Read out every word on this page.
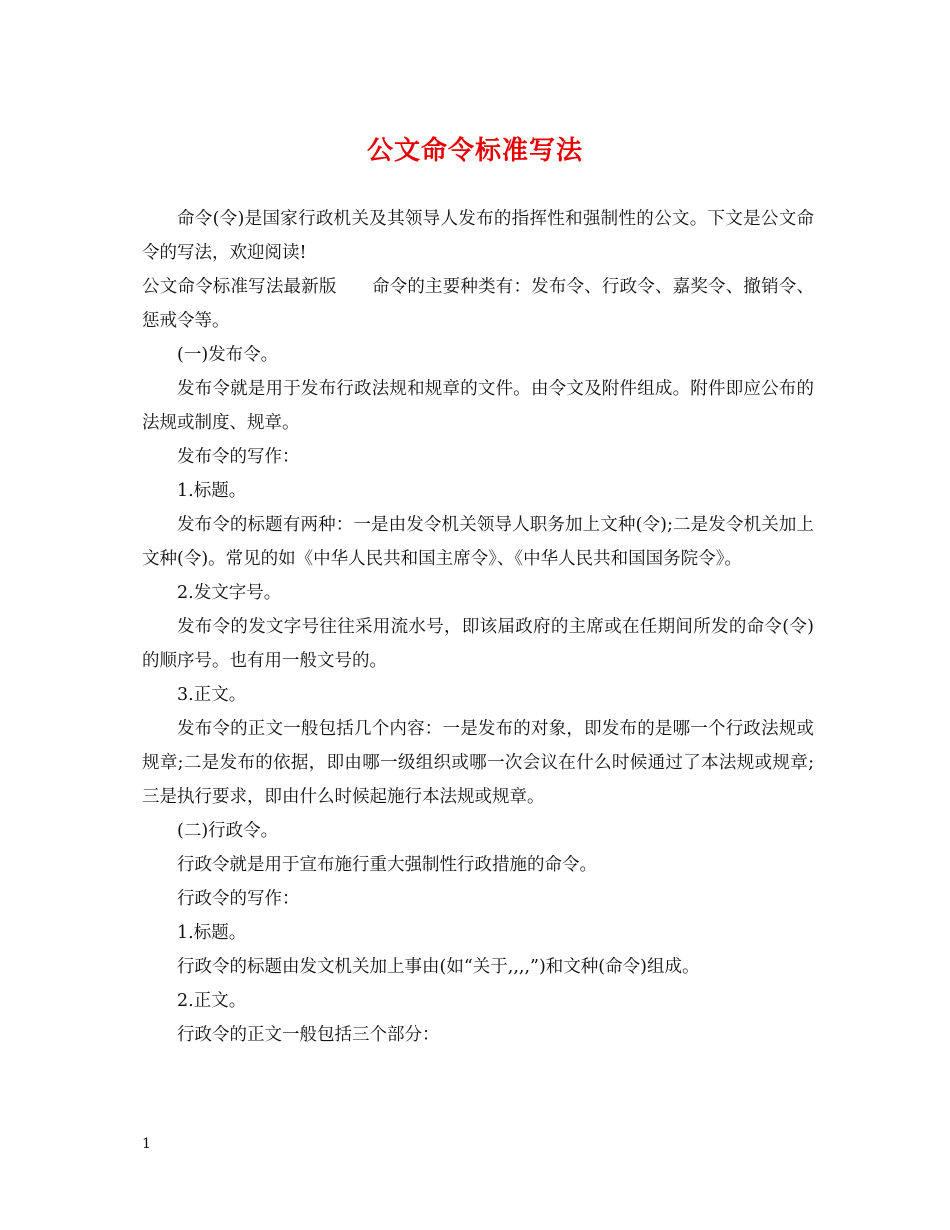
公文命令标准写法

命令(令)是国家行政机关及其领导人发布的指挥性和强制性的公文。下文是公文命令的写法，欢迎阅读!

公文命令标准写法最新版　　命令的主要种类有：发布令、行政令、嘉奖令、撤销令、惩戒令等。

(一)发布令。

发布令就是用于发布行政法规和规章的文件。由令文及附件组成。附件即应公布的法规或制度、规章。

发布令的写作：

1.标题。

发布令的标题有两种：一是由发令机关领导人职务加上文种(令);二是发令机关加上文种(令)。常见的如《中华人民共和国主席令》、《中华人民共和国国务院令》。

2.发文字号。

发布令的发文字号往往采用流水号，即该届政府的主席或在任期间所发的命令(令)的顺序号。也有用一般文号的。

3.正文。

发布令的正文一般包括几个内容：一是发布的对象，即发布的是哪一个行政法规或规章;二是发布的依据，即由哪一级组织或哪一次会议在什么时候通过了本法规或规章;三是执行要求，即由什么时候起施行本法规或规章。

(二)行政令。

行政令就是用于宣布施行重大强制性行政措施的命令。

行政令的写作：

1.标题。

行政令的标题由发文机关加上事由(如“关于,,,,”)和文种(命令)组成。

2.正文。

行政令的正文一般包括三个部分：

1
